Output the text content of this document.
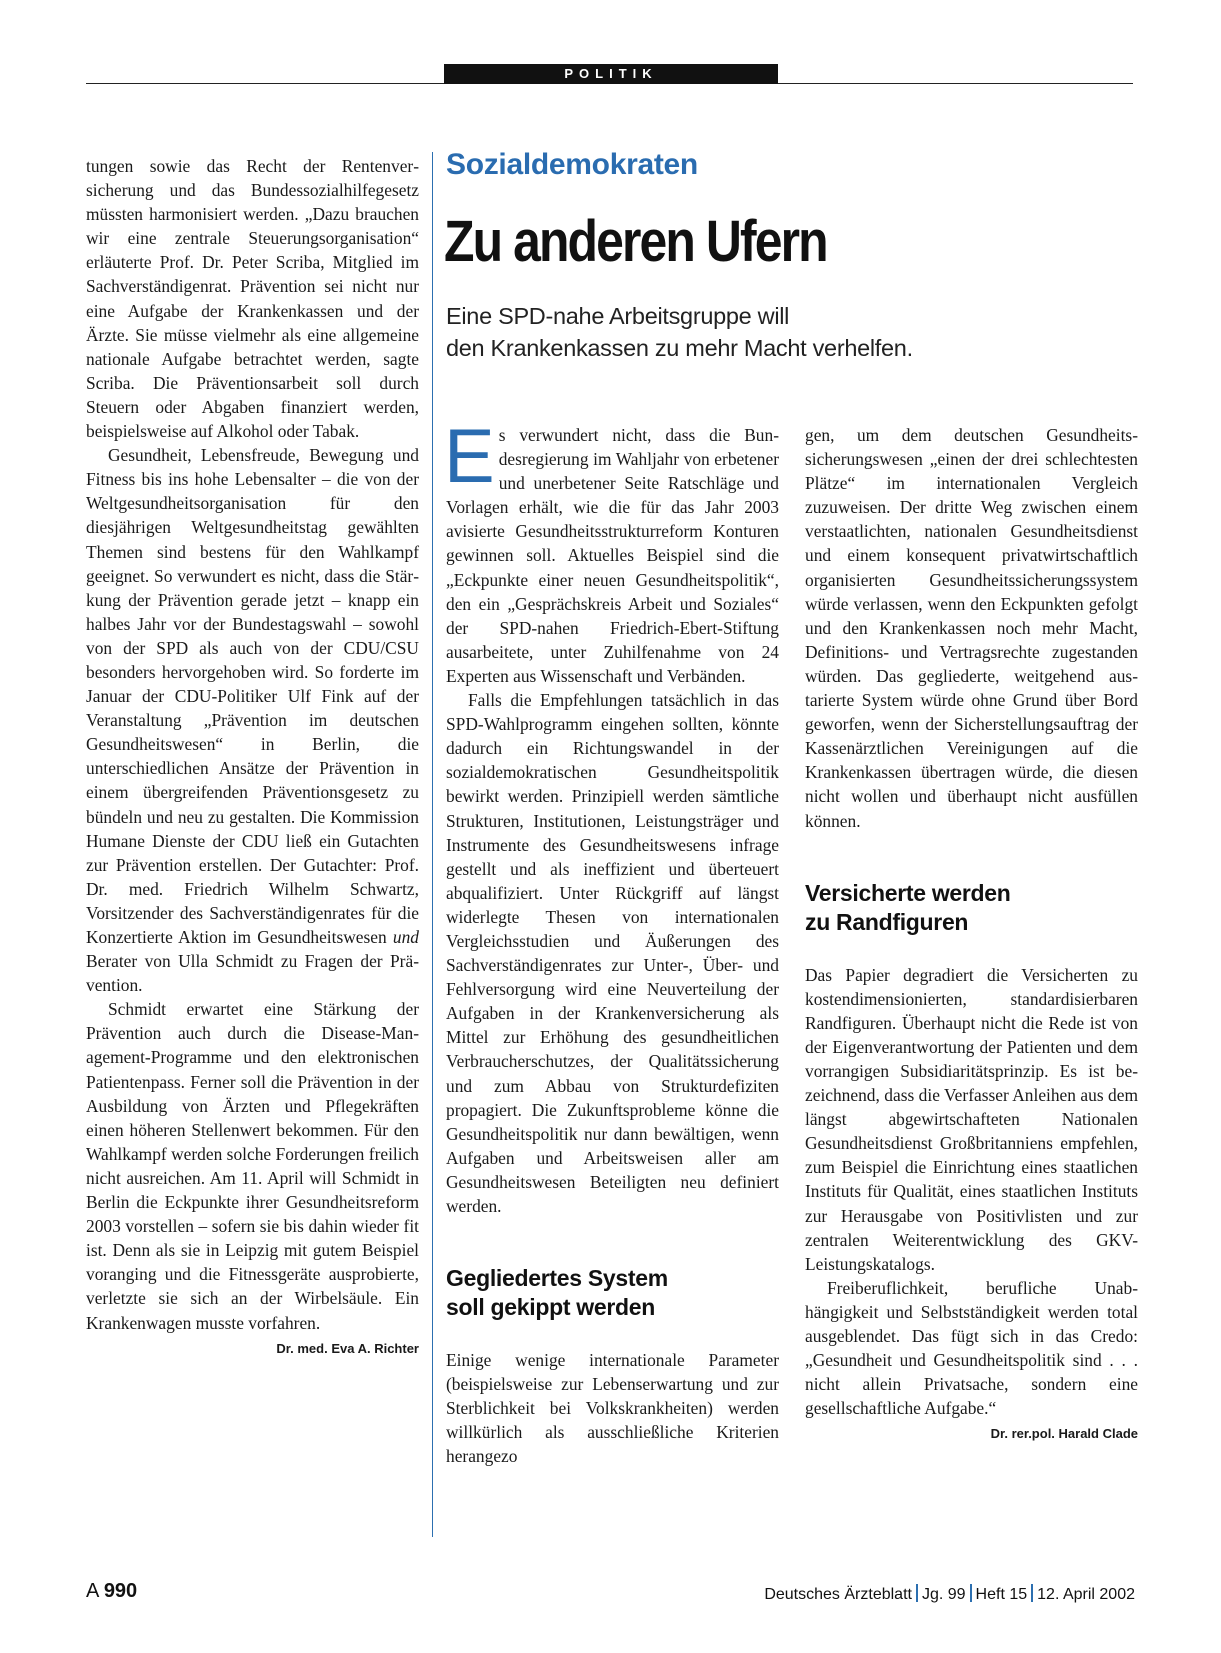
POLITIK

tungen sowie das Recht der Rentenversicherung und das Bundessozialhilfegesetz müssten harmonisiert werden. „Dazu brauchen wir eine zentrale Steuerungsorganisation“ erläuterte Prof. Dr. Peter Scriba, Mitglied im Sachverständigenrat. Prävention sei nicht nur eine Aufgabe der Krankenkassen und der Ärzte. Sie müsse vielmehr als eine allgemeine nationale Aufgabe betrachtet werden, sagte Scriba. Die Präventionsarbeit soll durch Steuern oder Abgaben finanziert werden, beispielsweise auf Alkohol oder Tabak.

Gesundheit, Lebensfreude, Bewegung und Fitness bis ins hohe Lebensalter – die von der Weltgesundheitsorganisation für den diesjährigen Weltgesundheitstag gewählten Themen sind bestens für den Wahlkampf geeignet. So verwundert es nicht, dass die Stärkung der Prävention gerade jetzt – knapp ein halbes Jahr vor der Bundestagswahl – sowohl von der SPD als auch von der CDU/CSU besonders hervorgehoben wird. So forderte im Januar der CDU-Politiker Ulf Fink auf der Veranstaltung „Prävention im deutschen Gesundheitswesen“ in Berlin, die unterschiedlichen Ansätze der Prävention in einem übergreifenden Präventionsgesetz zu bündeln und neu zu gestalten. Die Kommission Humane Dienste der CDU ließ ein Gutachten zur Prävention erstellen. Der Gutachter: Prof. Dr. med. Friedrich Wilhelm Schwartz, Vorsitzender des Sachverständigenrates für die Konzertierte Aktion im Gesundheitswesen und Berater von Ulla Schmidt zu Fragen der Prävention.

Schmidt erwartet eine Stärkung der Prävention auch durch die Disease-Management-Programme und den elektronischen Patientenpass. Ferner soll die Prävention in der Ausbildung von Ärzten und Pflegekräften einen höheren Stellenwert bekommen. Für den Wahlkampf werden solche Forderungen freilich nicht ausreichen. Am 11. April will Schmidt in Berlin die Eckpunkte ihrer Gesundheitsreform 2003 vorstellen – sofern sie bis dahin wieder fit ist. Denn als sie in Leipzig mit gutem Beispiel voranging und die Fitnessgeräte ausprobierte, verletzte sie sich an der Wirbelsäule. Ein Krankenwagen musste vorfahren.
Dr. med. Eva A. Richter

Sozialdemokraten
Zu anderen Ufern
Eine SPD-nahe Arbeitsgruppe will
den Krankenkassen zu mehr Macht verhelfen.

Es verwundert nicht, dass die Bundesregierung im Wahljahr von erbetener und unerbetener Seite Ratschläge und Vorlagen erhält, wie die für das Jahr 2003 avisierte Gesundheitsstrukturreform Konturen gewinnen soll. Aktuelles Beispiel sind die „Eckpunkte einer neuen Gesundheitspolitik“, den ein „Gesprächskreis Arbeit und Soziales“ der SPD-nahen Friedrich-Ebert-Stiftung ausarbeitete, unter Zuhilfenahme von 24 Experten aus Wissenschaft und Verbänden.

Falls die Empfehlungen tatsächlich in das SPD-Wahlprogramm eingehen sollten, könnte dadurch ein Richtungswandel in der sozialdemokratischen Gesundheitspolitik bewirkt werden. Prinzipiell werden sämtliche Strukturen, Institutionen, Leistungsträger und Instrumente des Gesundheitswesens infrage gestellt und als ineffizient und überteuert abqualifiziert. Unter Rückgriff auf längst widerlegte Thesen von internationalen Vergleichsstudien und Äußerungen des Sachverständigenrates zur Unter-, Über- und Fehlversorgung wird eine Neuverteilung der Aufgaben in der Krankenversicherung als Mittel zur Erhöhung des gesundheitlichen Verbraucherschutzes, der Qualitätssicherung und zum Abbau von Strukturdefiziten propagiert. Die Zukunftsprobleme könne die Gesundheitspolitik nur dann bewältigen, wenn Aufgaben und Arbeitsweisen aller am Gesundheitswesen Beteiligten neu definiert werden.

Gegliedertes System
soll gekippt werden

Einige wenige internationale Parameter (beispielsweise zur Lebenserwartung und zur Sterblichkeit bei Volkskrankheiten) werden willkürlich als ausschließliche Kriterien herangezo

gen, um dem deutschen Gesundheitssicherungswesen „einen der drei schlechtesten Plätze“ im internationalen Vergleich zuzuweisen. Der dritte Weg zwischen einem verstaatlichten, nationalen Gesundheitsdienst und einem konsequent privatwirtschaftlich organisierten Gesundheitssicherungssystem würde verlassen, wenn den Eckpunkten gefolgt und den Krankenkassen noch mehr Macht, Definitions- und Vertragsrechte zugestanden würden. Das gegliederte, weitgehend austarierte System würde ohne Grund über Bord geworfen, wenn der Sicherstellungsauftrag der Kassenärztlichen Vereinigungen auf die Krankenkassen übertragen würde, die diesen nicht wollen und überhaupt nicht ausfüllen können.

Versicherte werden
zu Randfiguren

Das Papier degradiert die Versicherten zu kostendimensionierten, standardisierbaren Randfiguren. Überhaupt nicht die Rede ist von der Eigenverantwortung der Patienten und dem vorrangigen Subsidiaritätsprinzip. Es ist bezeichnend, dass die Verfasser Anleihen aus dem längst abgewirtschafteten Nationalen Gesundheitsdienst Großbritanniens empfehlen, zum Beispiel die Einrichtung eines staatlichen Instituts für Qualität, eines staatlichen Instituts zur Herausgabe von Positivlisten und zur zentralen Weiterentwicklung des GKV-Leistungskatalogs.

Freiberuflichkeit, berufliche Unabhängigkeit und Selbstständigkeit werden total ausgeblendet. Das fügt sich in das Credo: „Gesundheit und Gesundheitspolitik sind . . . nicht allein Privatsache, sondern eine gesellschaftliche Aufgabe.“
Dr. rer.pol. Harald Clade

A 990	Deutsches Ärzteblatt Jg. 99 Heft 15 12. April 2002
